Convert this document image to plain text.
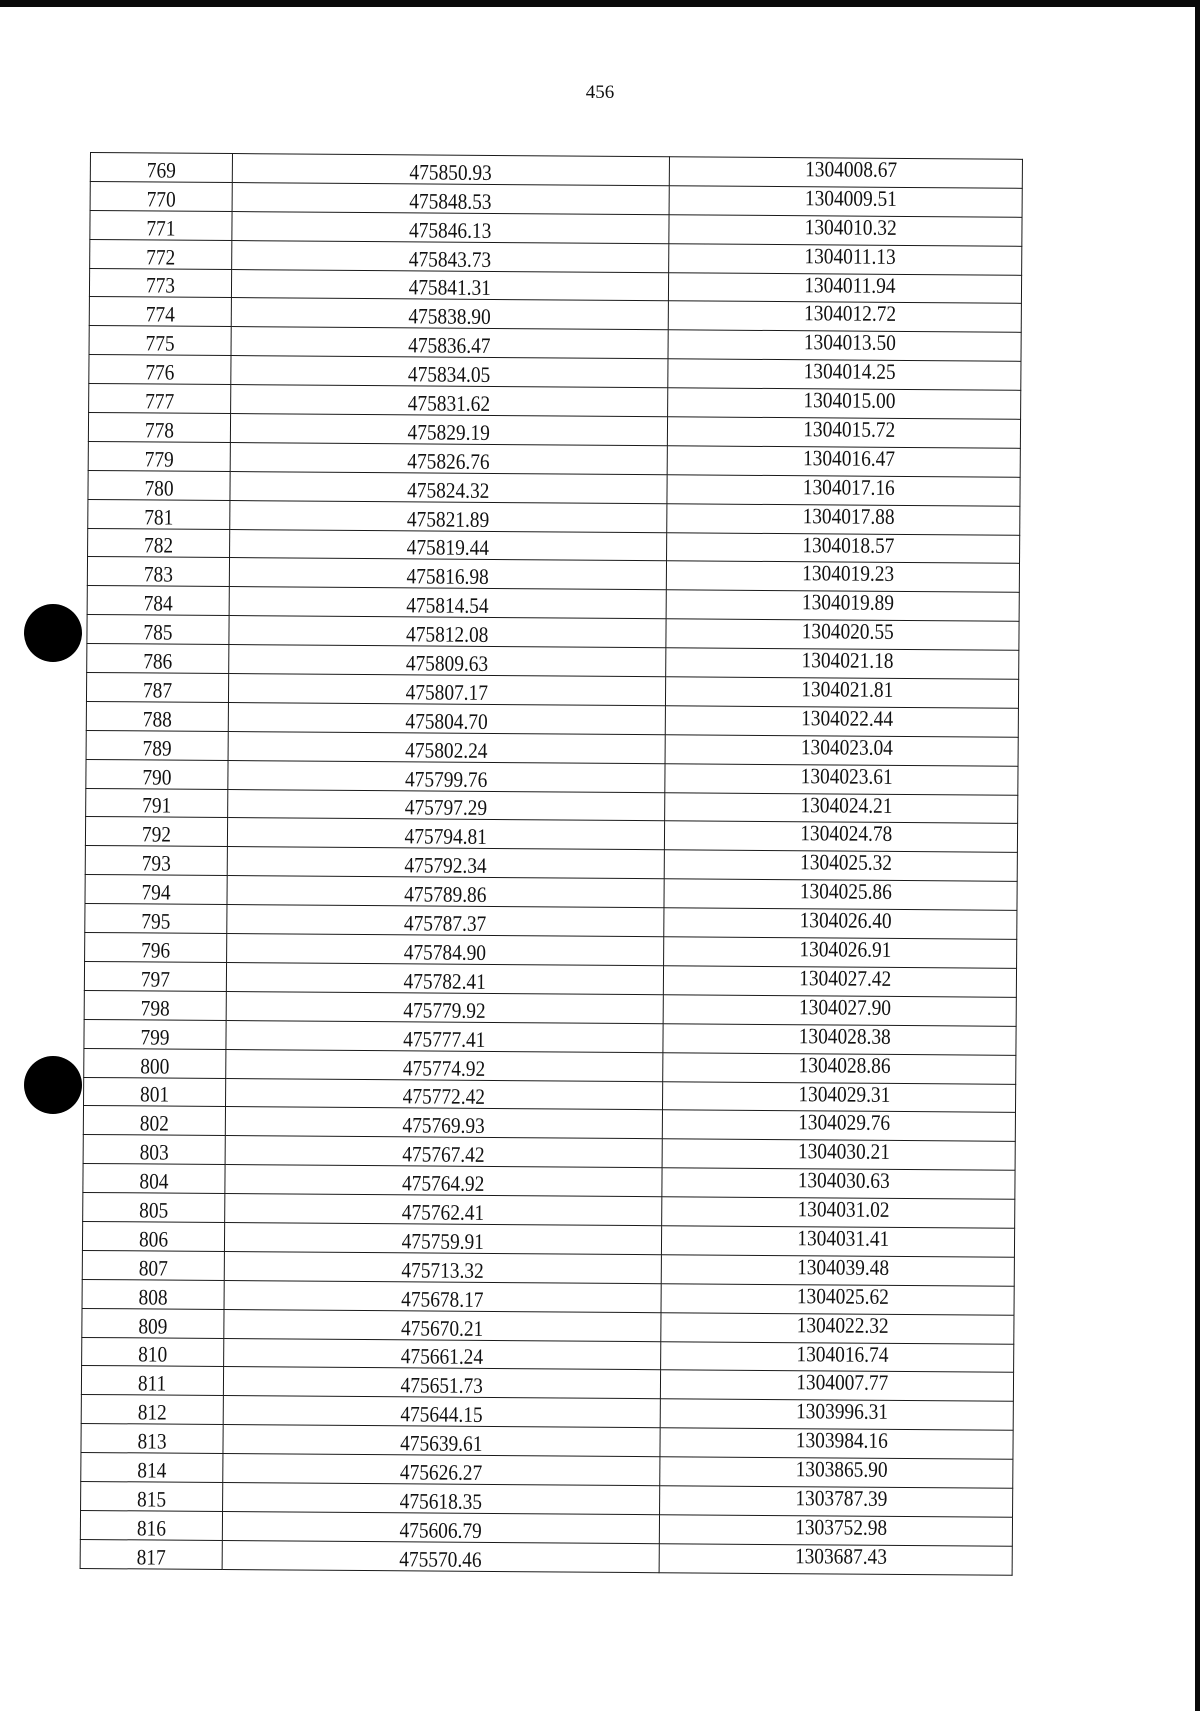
456
769	475850.93	1304008.67
770	475848.53	1304009.51
771	475846.13	1304010.32
772	475843.73	1304011.13
773	475841.31	1304011.94
774	475838.90	1304012.72
775	475836.47	1304013.50
776	475834.05	1304014.25
777	475831.62	1304015.00
778	475829.19	1304015.72
779	475826.76	1304016.47
780	475824.32	1304017.16
781	475821.89	1304017.88
782	475819.44	1304018.57
783	475816.98	1304019.23
784	475814.54	1304019.89
785	475812.08	1304020.55
786	475809.63	1304021.18
787	475807.17	1304021.81
788	475804.70	1304022.44
789	475802.24	1304023.04
790	475799.76	1304023.61
791	475797.29	1304024.21
792	475794.81	1304024.78
793	475792.34	1304025.32
794	475789.86	1304025.86
795	475787.37	1304026.40
796	475784.90	1304026.91
797	475782.41	1304027.42
798	475779.92	1304027.90
799	475777.41	1304028.38
800	475774.92	1304028.86
801	475772.42	1304029.31
802	475769.93	1304029.76
803	475767.42	1304030.21
804	475764.92	1304030.63
805	475762.41	1304031.02
806	475759.91	1304031.41
807	475713.32	1304039.48
808	475678.17	1304025.62
809	475670.21	1304022.32
810	475661.24	1304016.74
811	475651.73	1304007.77
812	475644.15	1303996.31
813	475639.61	1303984.16
814	475626.27	1303865.90
815	475618.35	1303787.39
816	475606.79	1303752.98
817	475570.46	1303687.43
